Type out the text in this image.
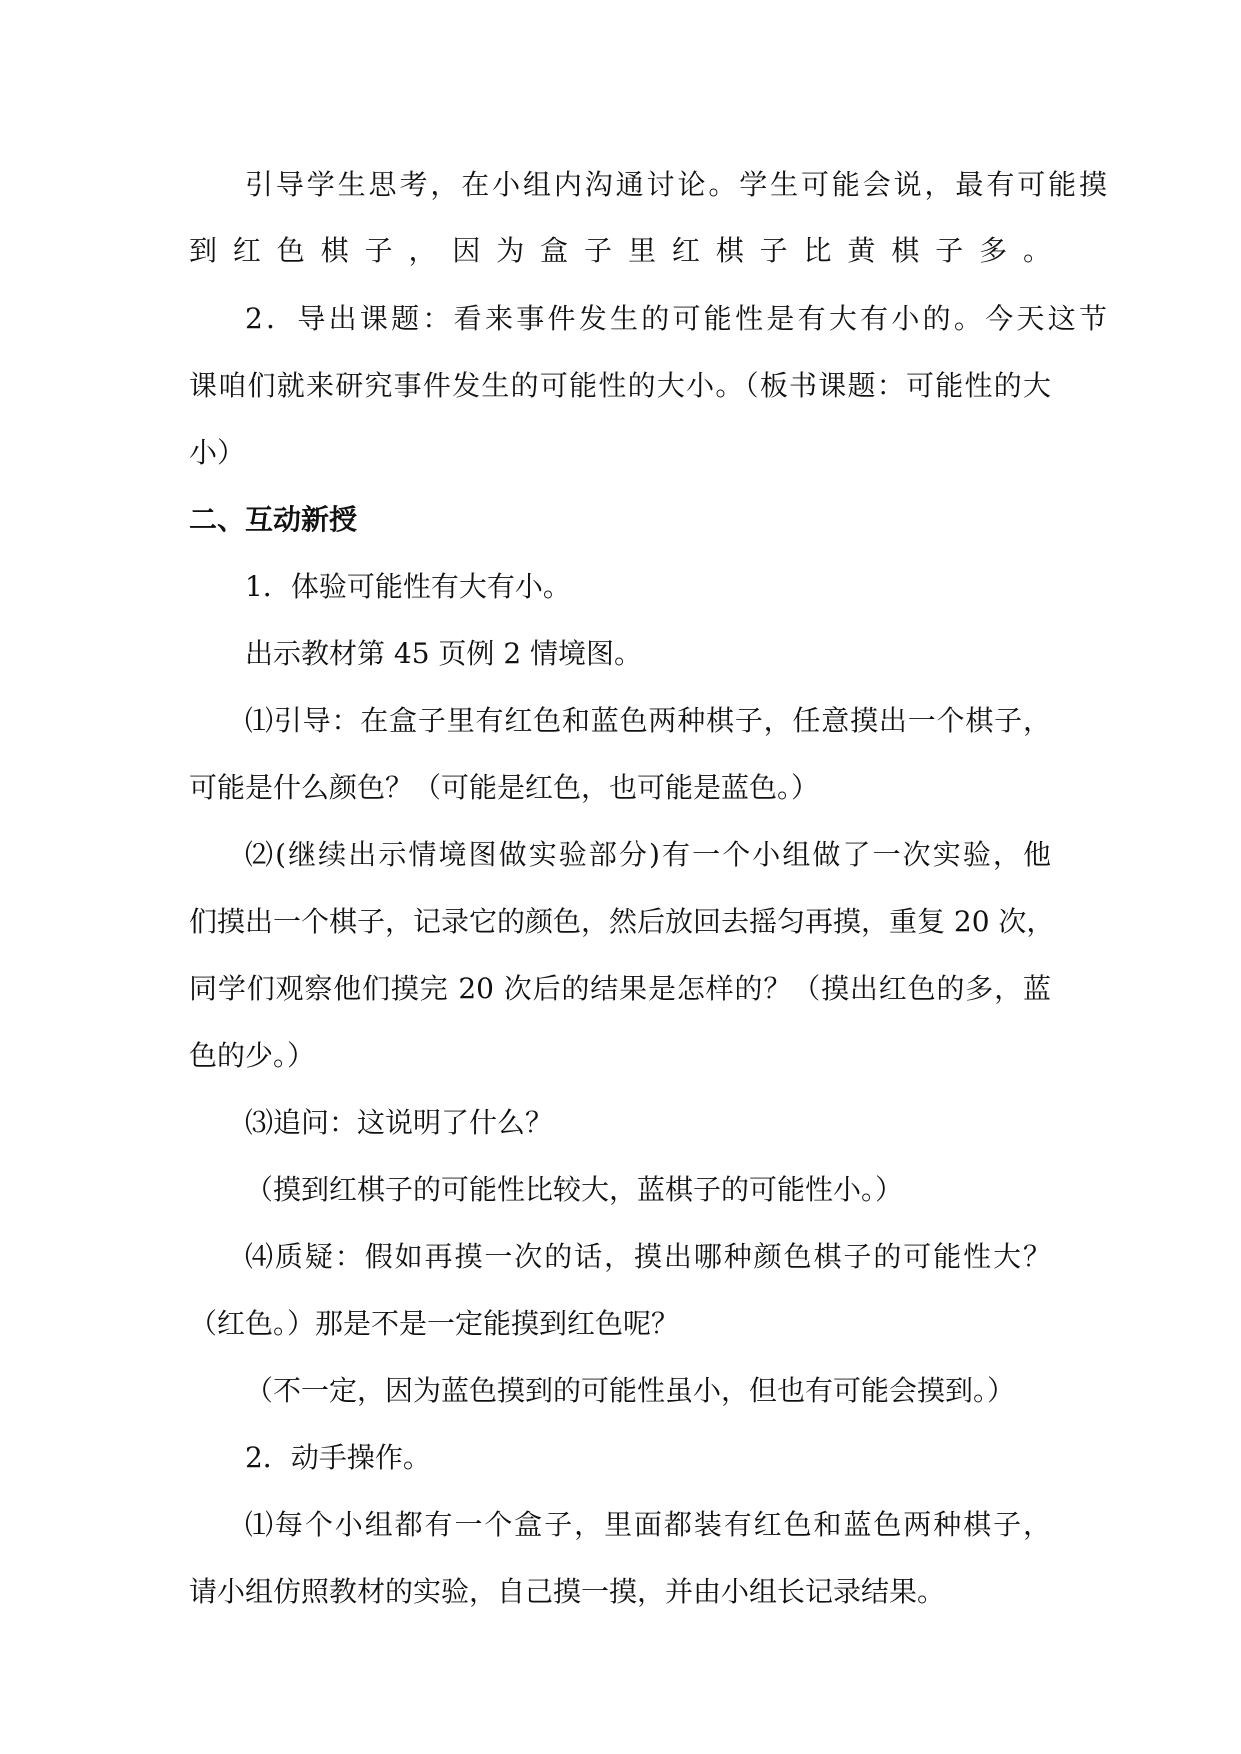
引导学生思考，在小组内沟通讨论。学生可能会说，最有可能摸
到红色棋子，因为盒子里红棋子比黄棋子多。
2．导出课题：看来事件发生的可能性是有大有小的。今天这节
课咱们就来研究事件发生的可能性的大小。（板书课题：可能性的大
小）
二、互动新授
1．体验可能性有大有小。
出示教材第 45 页例 2 情境图。
⑴引导：在盒子里有红色和蓝色两种棋子，任意摸出一个棋子，
可能是什么颜色？（可能是红色，也可能是蓝色。）
⑵(继续出示情境图做实验部分)有一个小组做了一次实验，他
们摸出一个棋子，记录它的颜色，然后放回去摇匀再摸，重复 20 次，
同学们观察他们摸完 20 次后的结果是怎样的？（摸出红色的多，蓝
色的少。）
⑶追问：这说明了什么？
（摸到红棋子的可能性比较大，蓝棋子的可能性小。）
⑷质疑：假如再摸一次的话，摸出哪种颜色棋子的可能性大？
（红色。）那是不是一定能摸到红色呢？
（不一定，因为蓝色摸到的可能性虽小，但也有可能会摸到。）
2．动手操作。
⑴每个小组都有一个盒子，里面都装有红色和蓝色两种棋子，
请小组仿照教材的实验，自己摸一摸，并由小组长记录结果。
